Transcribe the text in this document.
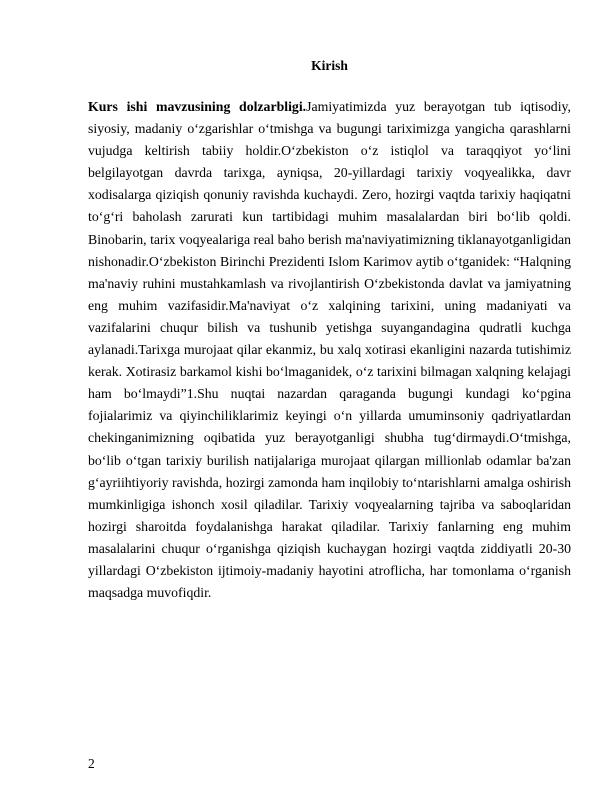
Kirish

Kurs ishi mavzusining dolzarbligi.Jamiyatimizda yuz berayotgan tub iqtisodiy, siyosiy, madaniy o‘zgarishlar o‘tmishga va bugungi tariximizga yangicha qarashlarni vujudga keltirish tabiiy holdir.O‘zbekiston o‘z istiqlol va taraqqiyot yo‘lini belgilayotgan davrda tarixga, ayniqsa, 20-yillardagi tarixiy voqyealikka, davr xodisalarga qiziqish qonuniy ravishda kuchaydi. Zero, hozirgi vaqtda tarixiy haqiqatni to‘g‘ri baholash zarurati kun tartibidagi muhim masalalardan biri bo‘lib qoldi. Binobarin, tarix voqyealariga real baho berish ma'naviyatimizning tiklanayotganligidan nishonadir.O‘zbekiston Birinchi Prezidenti Islom Karimov aytib o‘tganidek: “Halqning ma'naviy ruhini mustahkamlash va rivojlantirish O‘zbekistonda davlat va jamiyatning eng muhim vazifasidir.Ma'naviyat o‘z xalqining tarixini, uning madaniyati va vazifalarini chuqur bilish va tushunib yetishga suyangandagina qudratli kuchga aylanadi.Tarixga murojaat qilar ekanmiz, bu xalq xotirasi ekanligini nazarda tutishimiz kerak. Xotirasiz barkamol kishi bo‘lmaganidek, o‘z tarixini bilmagan xalqning kelajagi ham bo‘lmaydi”1.Shu nuqtai nazardan qaraganda bugungi kundagi ko‘pgina fojialarimiz va qiyinchiliklarimiz keyingi o‘n yillarda umuminsoniy qadriyatlardan chekinganimizning oqibatida yuz berayotganligi shubha tug‘dirmaydi.O‘tmishga, bo‘lib o‘tgan tarixiy burilish natijalariga murojaat qilargan millionlab odamlar ba'zan g‘ayriihtiyoriy ravishda, hozirgi zamonda ham inqilobiy to‘ntarishlarni amalga oshirish mumkinligiga ishonch xosil qiladilar. Tarixiy voqyealarning tajriba va saboqlaridan hozirgi sharoitda foydalanishga harakat qiladilar. Tarixiy fanlarning eng muhim masalalarini chuqur o‘rganishga qiziqish kuchaygan hozirgi vaqtda ziddiyatli 20-30 yillardagi O‘zbekiston ijtimoiy-madaniy hayotini atroflicha, har tomonlama o‘rganish maqsadga muvofiqdir.

2
